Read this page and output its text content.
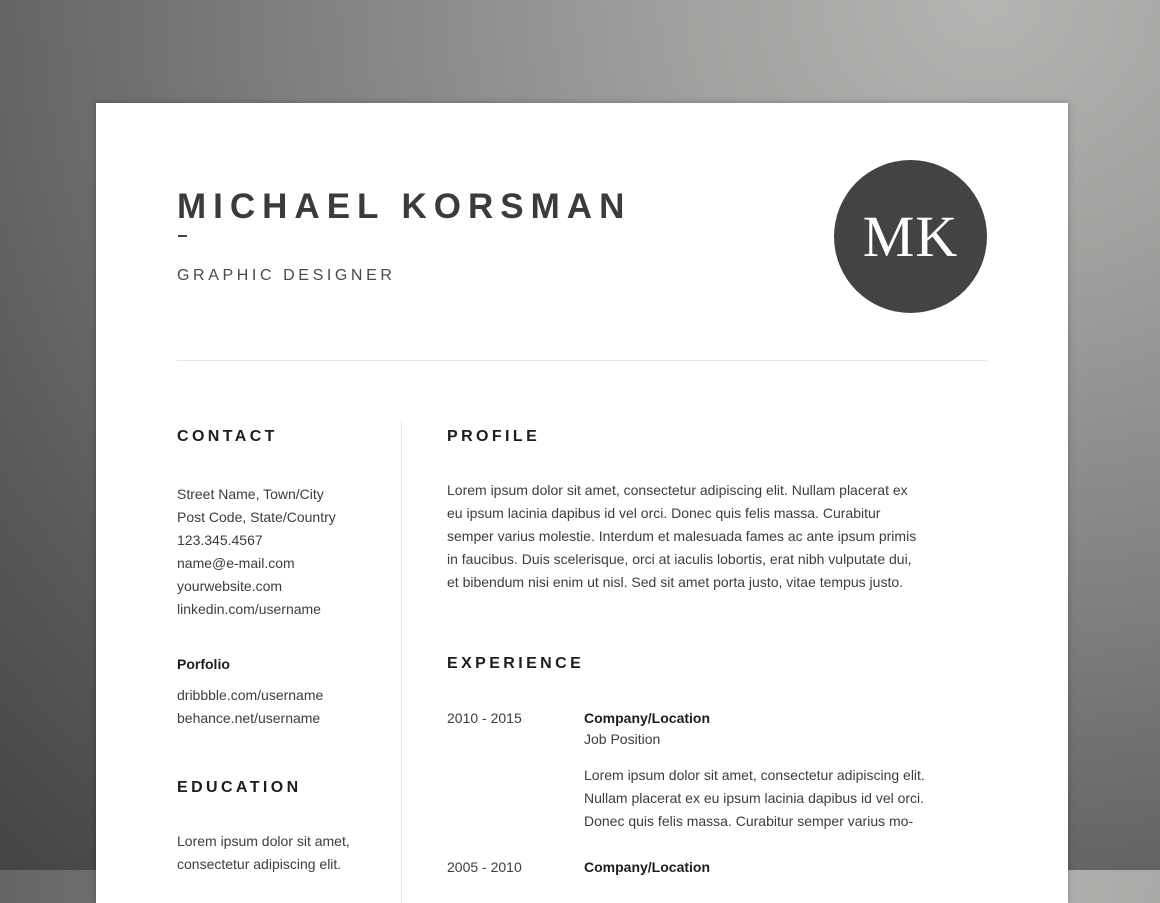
MICHAEL KORSMAN
GRAPHIC DESIGNER
MK
CONTACT
Street Name, Town/City
Post Code, State/Country
123.345.4567
name@e-mail.com
yourwebsite.com
linkedin.com/username
Porfolio
dribbble.com/username
behance.net/username
EDUCATION
Lorem ipsum dolor sit amet,
consectetur adipiscing elit.
PROFILE
Lorem ipsum dolor sit amet, consectetur adipiscing elit. Nullam placerat ex
eu ipsum lacinia dapibus id vel orci. Donec quis felis massa. Curabitur
semper varius molestie. Interdum et malesuada fames ac ante ipsum primis
in faucibus. Duis scelerisque, orci at iaculis lobortis, erat nibh vulputate dui,
et bibendum nisi enim ut nisl. Sed sit amet porta justo, vitae tempus justo.
EXPERIENCE
2010 - 2015	Company/Location
Job Position
Lorem ipsum dolor sit amet, consectetur adipiscing elit.
Nullam placerat ex eu ipsum lacinia dapibus id vel orci.
Donec quis felis massa. Curabitur semper varius mo-
2005 - 2010	Company/Location
